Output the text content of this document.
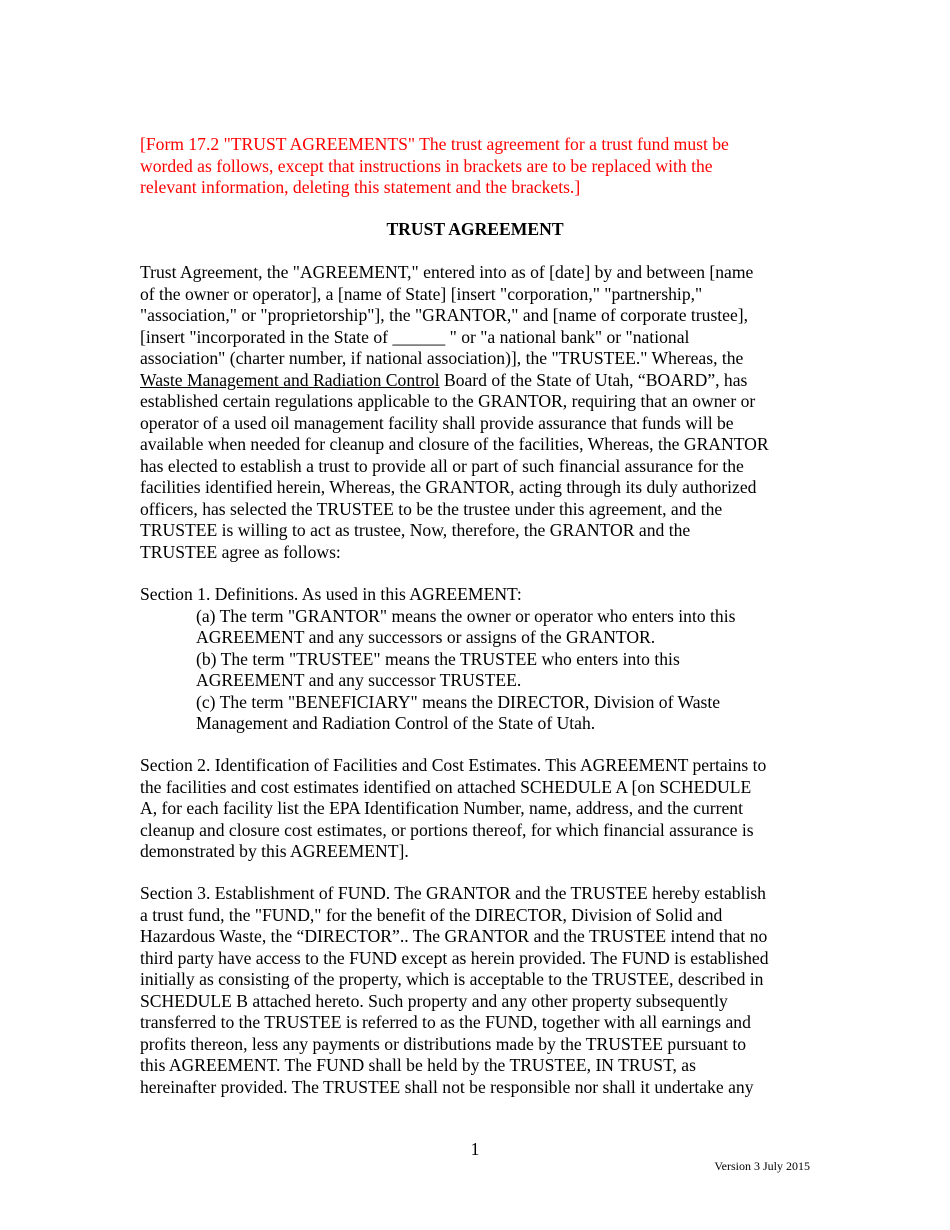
[Form 17.2 "TRUST AGREEMENTS" The trust agreement for a trust fund must be
worded as follows, except that instructions in brackets are to be replaced with the
relevant information, deleting this statement and the brackets.]
TRUST AGREEMENT
Trust Agreement, the "AGREEMENT," entered into as of [date] by and between [name
of the owner or operator], a [name of State] [insert "corporation," "partnership,"
"association," or "proprietorship"], the "GRANTOR," and [name of corporate trustee],
[insert "incorporated in the State of ______ " or "a national bank" or "national
association" (charter number, if national association)], the "TRUSTEE." Whereas, the
Waste Management and Radiation Control Board of the State of Utah, “BOARD”, has
established certain regulations applicable to the GRANTOR, requiring that an owner or
operator of a used oil management facility shall provide assurance that funds will be
available when needed for cleanup and closure of the facilities, Whereas, the GRANTOR
has elected to establish a trust to provide all or part of such financial assurance for the
facilities identified herein, Whereas, the GRANTOR, acting through its duly authorized
officers, has selected the TRUSTEE to be the trustee under this agreement, and the
TRUSTEE is willing to act as trustee, Now, therefore, the GRANTOR and the
TRUSTEE agree as follows:
Section 1. Definitions. As used in this AGREEMENT:
(a) The term "GRANTOR" means the owner or operator who enters into this
AGREEMENT and any successors or assigns of the GRANTOR.
(b) The term "TRUSTEE" means the TRUSTEE who enters into this
AGREEMENT and any successor TRUSTEE.
(c) The term "BENEFICIARY" means the DIRECTOR, Division of Waste
Management and Radiation Control of the State of Utah.
Section 2. Identification of Facilities and Cost Estimates. This AGREEMENT pertains to
the facilities and cost estimates identified on attached SCHEDULE A [on SCHEDULE
A, for each facility list the EPA Identification Number, name, address, and the current
cleanup and closure cost estimates, or portions thereof, for which financial assurance is
demonstrated by this AGREEMENT].
Section 3. Establishment of FUND. The GRANTOR and the TRUSTEE hereby establish
a trust fund, the "FUND," for the benefit of the DIRECTOR, Division of Solid and
Hazardous Waste, the “DIRECTOR”.. The GRANTOR and the TRUSTEE intend that no
third party have access to the FUND except as herein provided. The FUND is established
initially as consisting of the property, which is acceptable to the TRUSTEE, described in
SCHEDULE B attached hereto. Such property and any other property subsequently
transferred to the TRUSTEE is referred to as the FUND, together with all earnings and
profits thereon, less any payments or distributions made by the TRUSTEE pursuant to
this AGREEMENT. The FUND shall be held by the TRUSTEE, IN TRUST, as
hereinafter provided. The TRUSTEE shall not be responsible nor shall it undertake any
1
Version 3 July 2015
